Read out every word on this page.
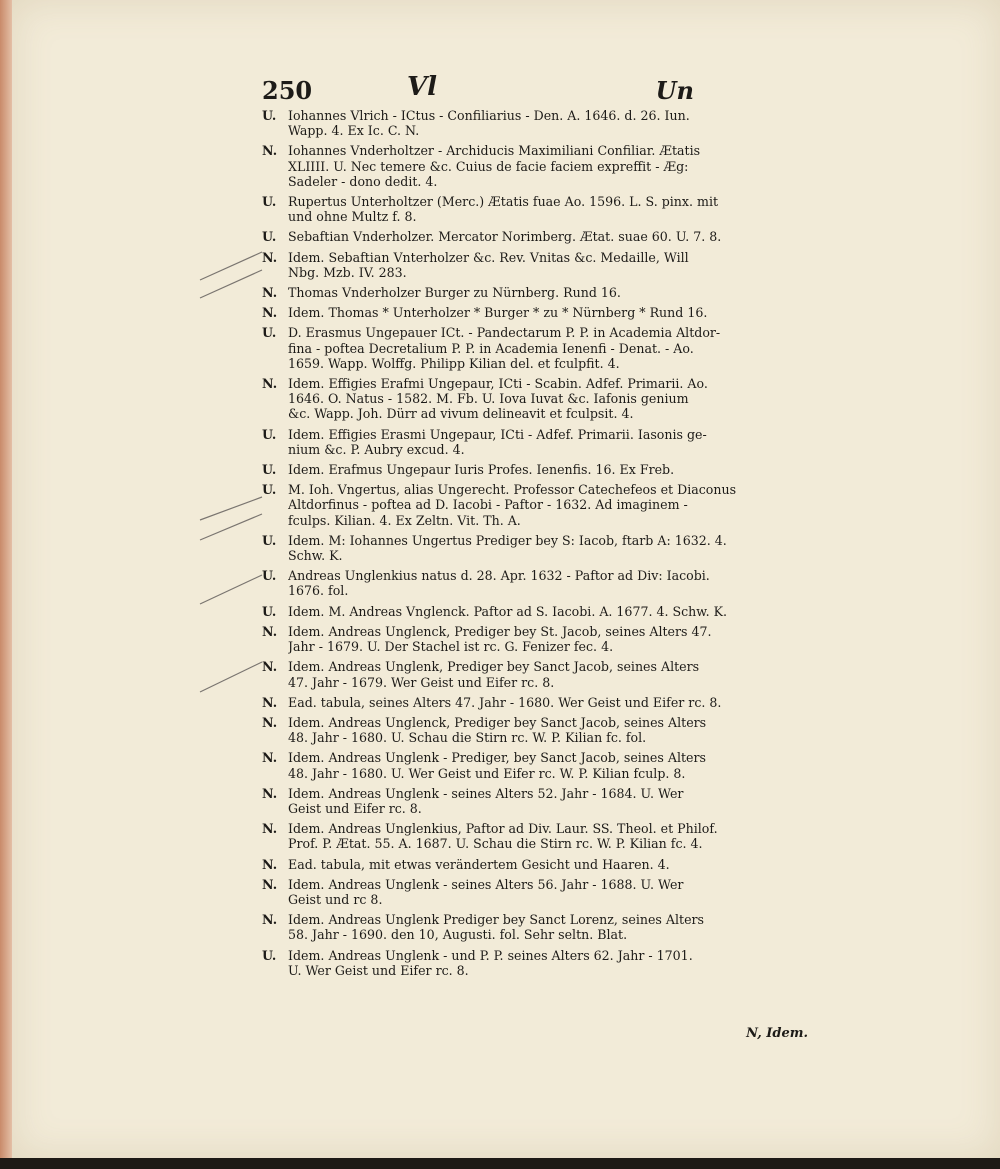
250	Vl	Un
U. Iohannes Vlrich - ICtus - Confiliarius - Den. A. 1646. d. 26. Iun.
Wapp. 4. Ex Ic. C. N.
N. Iohannes Vnderholtzer - Archiducis Maximiliani Confiliar. Ætatis
XLIIII. U. Nec temere &c. Cuius de facie faciem expreffit - Æg:
Sadeler - dono dedit. 4.
U. Rupertus Unterholtzer (Merc.) Ætatis fuae Ao. 1596. L. S. pinx. mit
und ohne Multz f. 8.
U. Sebaftian Vnderholzer. Mercator Norimberg. Ætat. suae 60. U. 7. 8.
N. Idem. Sebaftian Vnterholzer &c. Rev. Vnitas &c. Medaille, Will
Nbg. Mzb. IV. 283.
N. Thomas Vnderholzer Burger zu Nürnberg. Rund 16.
N. Idem. Thomas * Unterholzer * Burger * zu * Nürnberg * Rund 16.
U. D. Erasmus Ungepauer ICt. - Pandectarum P. P. in Academia Altdor-
fina - poftea Decretalium P. P. in Academia Ienenfi - Denat. - Ao.
1659. Wapp. Wolffg. Philipp Kilian del. et fculpfit. 4.
N. Idem. Effigies Erafmi Ungepaur, ICti - Scabin. Adfef. Primarii. Ao.
1646. O. Natus - 1582. M. Fb. U. Iova Iuvat &c. Iafonis genium
&c. Wapp. Joh. Dürr ad vivum delineavit et fculpsit. 4.
U. Idem. Effigies Erasmi Ungepaur, ICti - Adfef. Primarii. Iasonis ge-
nium &c. P. Aubry excud. 4.
U. Idem. Erafmus Ungepaur Iuris Profes. Ienenfis. 16. Ex Freb.
U. M. Ioh. Vngertus, alias Ungerecht. Professor Catechefeos et Diaconus
Altdorfinus - poftea ad D. Iacobi - Paftor - 1632. Ad imaginem -
fculps. Kilian. 4. Ex Zeltn. Vit. Th. A.
U. Idem. M: Iohannes Ungertus Prediger bey S: Iacob, ftarb A: 1632. 4.
Schw. K.
U. Andreas Unglenkius natus d. 28. Apr. 1632 - Paftor ad Div: Iacobi.
1676. fol.
U. Idem. M. Andreas Vnglenck. Paftor ad S. Iacobi. A. 1677. 4. Schw. K.
N. Idem. Andreas Unglenck, Prediger bey St. Jacob, seines Alters 47.
Jahr - 1679. U. Der Stachel ist rc. G. Fenizer fec. 4.
N. Idem. Andreas Unglenk, Prediger bey Sanct Jacob, seines Alters
47. Jahr - 1679. Wer Geist und Eifer rc. 8.
N. Ead. tabula, seines Alters 47. Jahr - 1680. Wer Geist und Eifer rc. 8.
N. Idem. Andreas Unglenck, Prediger bey Sanct Jacob, seines Alters
48. Jahr - 1680. U. Schau die Stirn rc. W. P. Kilian fc. fol.
N. Idem. Andreas Unglenk - Prediger, bey Sanct Jacob, seines Alters
48. Jahr - 1680. U. Wer Geist und Eifer rc. W. P. Kilian fculp. 8.
N. Idem. Andreas Unglenk - seines Alters 52. Jahr - 1684. U. Wer
Geist und Eifer rc. 8.
N. Idem. Andreas Unglenkius, Paftor ad Div. Laur. SS. Theol. et Philof.
Prof. P. Ætat. 55. A. 1687. U. Schau die Stirn rc. W. P. Kilian fc. 4.
N. Ead. tabula, mit etwas verändertem Gesicht und Haaren. 4.
N. Idem. Andreas Unglenk - seines Alters 56. Jahr - 1688. U. Wer
Geist und rc 8.
N. Idem. Andreas Unglenk Prediger bey Sanct Lorenz, seines Alters
58. Jahr - 1690. den 10, Augusti. fol. Sehr seltn. Blat.
U. Idem. Andreas Unglenk - und P. P. seines Alters 62. Jahr - 1701.
U. Wer Geist und Eifer rc. 8.
N, Idem.
